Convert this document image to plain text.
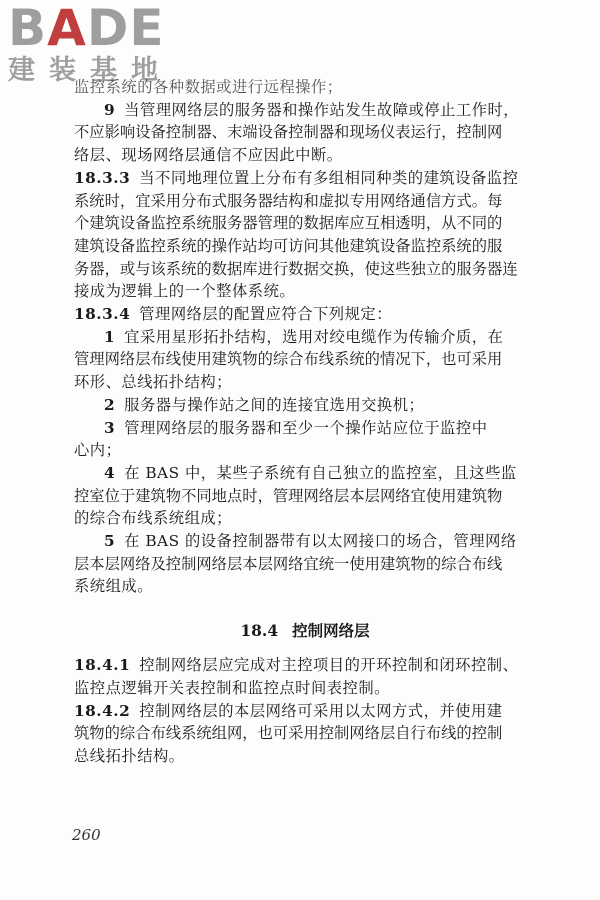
BADE
建装基地
监控系统的各种数据或进行远程操作；
9 当管理网络层的服务器和操作站发生故障或停止工作时，
不应影响设备控制器、末端设备控制器和现场仪表运行，控制网
络层、现场网络层通信不应因此中断。
18.3.3 当不同地理位置上分布有多组相同种类的建筑设备监控
系统时，宜采用分布式服务器结构和虚拟专用网络通信方式。每
个建筑设备监控系统服务器管理的数据库应互相透明，从不同的
建筑设备监控系统的操作站均可访问其他建筑设备监控系统的服
务器，或与该系统的数据库进行数据交换，使这些独立的服务器连
接成为逻辑上的一个整体系统。
18.3.4 管理网络层的配置应符合下列规定：
1 宜采用星形拓扑结构，选用对绞电缆作为传输介质，在
管理网络层布线使用建筑物的综合布线系统的情况下，也可采用
环形、总线拓扑结构；
2 服务器与操作站之间的连接宜选用交换机；
3 管理网络层的服务器和至少一个操作站应位于监控中
心内；
4 在 BAS 中，某些子系统有自己独立的监控室，且这些监
控室位于建筑物不同地点时，管理网络层本层网络宜使用建筑物
的综合布线系统组成；
5 在 BAS 的设备控制器带有以太网接口的场合，管理网络
层本层网络及控制网络层本层网络宜统一使用建筑物的综合布线
系统组成。
18.4 控制网络层
18.4.1 控制网络层应完成对主控项目的开环控制和闭环控制、
监控点逻辑开关表控制和监控点时间表控制。
18.4.2 控制网络层的本层网络可采用以太网方式，并使用建
筑物的综合布线系统组网，也可采用控制网络层自行布线的控制
总线拓扑结构。
260
